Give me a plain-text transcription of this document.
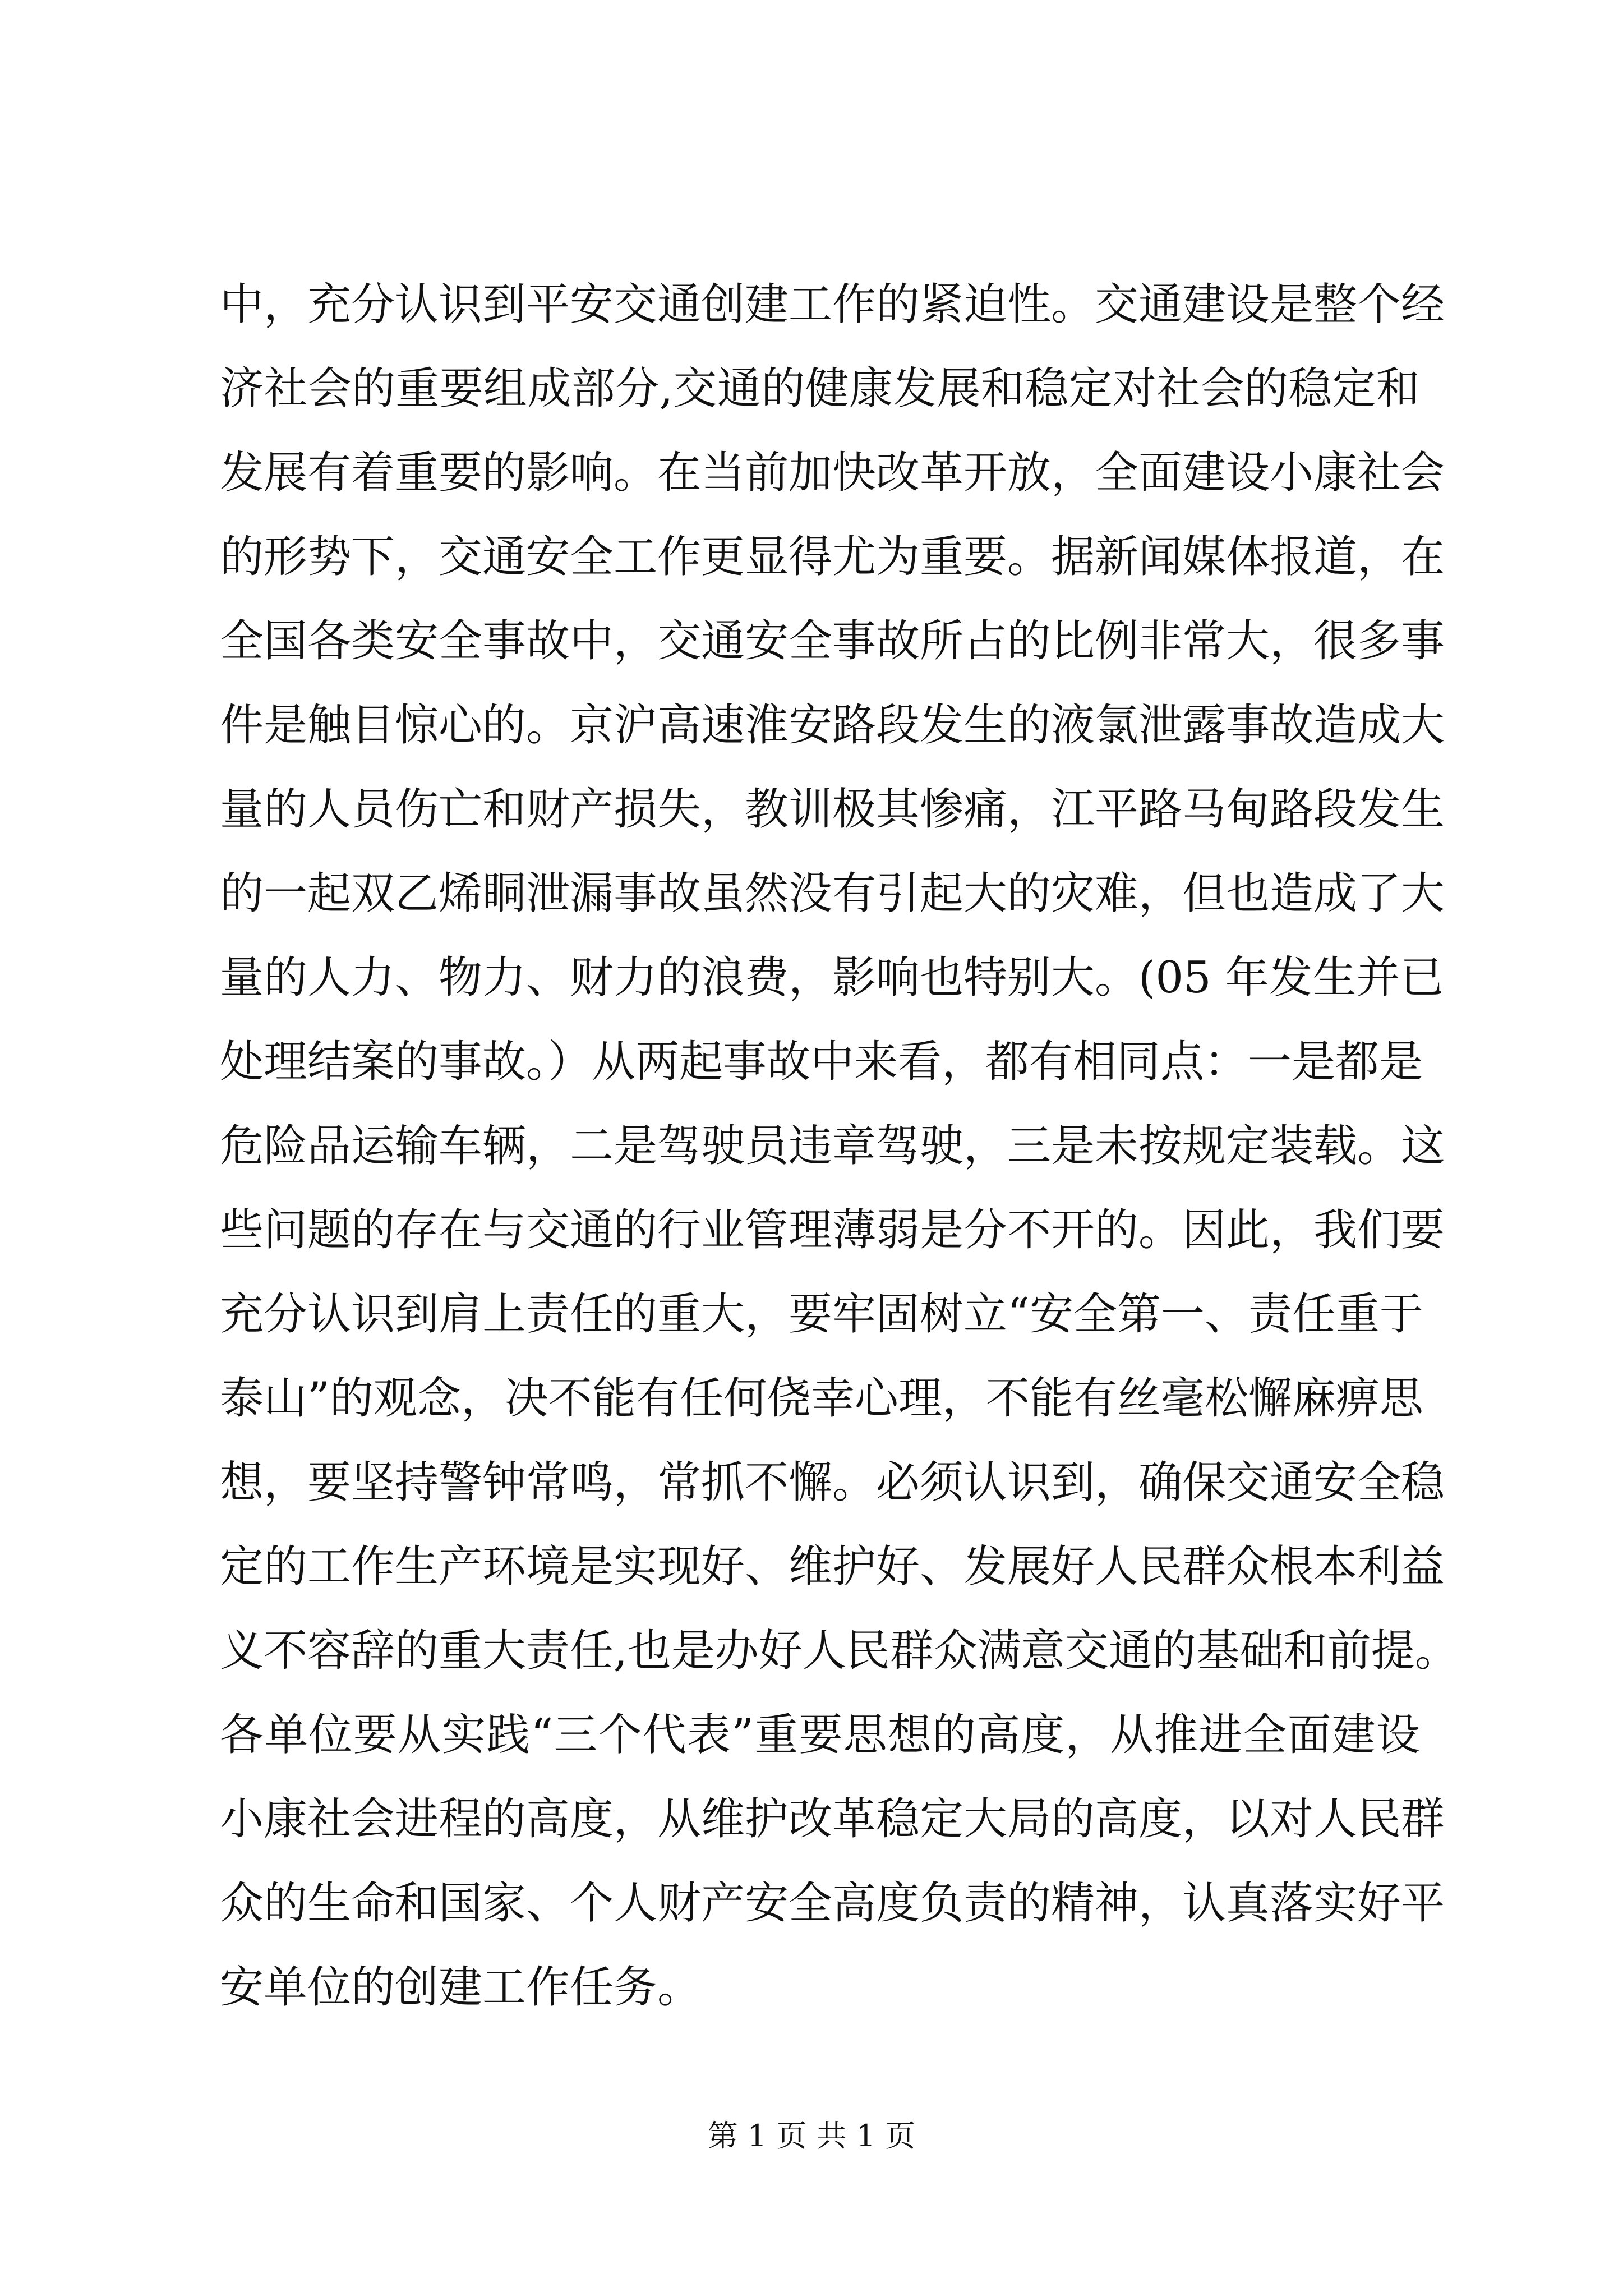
中，充分认识到平安交通创建工作的紧迫性。交通建设是整个经
济社会的重要组成部分,交通的健康发展和稳定对社会的稳定和
发展有着重要的影响。在当前加快改革开放，全面建设小康社会
的形势下，交通安全工作更显得尤为重要。据新闻媒体报道，在
全国各类安全事故中，交通安全事故所占的比例非常大，很多事
件是触目惊心的。京沪高速淮安路段发生的液氯泄露事故造成大
量的人员伤亡和财产损失，教训极其惨痛，江平路马甸路段发生
的一起双乙烯眮泄漏事故虽然没有引起大的灾难，但也造成了大
量的人力、物力、财力的浪费，影响也特别大。(05 年发生并已
处理结案的事故。）从两起事故中来看，都有相同点：一是都是
危险品运输车辆，二是驾驶员违章驾驶，三是未按规定装载。这
些问题的存在与交通的行业管理薄弱是分不开的。因此，我们要
充分认识到肩上责任的重大，要牢固树立“安全第一、责任重于
泰山”的观念，决不能有任何侥幸心理，不能有丝毫松懈麻痹思
想，要坚持警钟常鸣，常抓不懈。必须认识到，确保交通安全稳
定的工作生产环境是实现好、维护好、发展好人民群众根本利益
义不容辞的重大责任,也是办好人民群众满意交通的基础和前提。
各单位要从实践“三个代表”重要思想的高度，从推进全面建设
小康社会进程的高度，从维护改革稳定大局的高度，以对人民群
众的生命和国家、个人财产安全高度负责的精神，认真落实好平
安单位的创建工作任务。
第 1 页 共 1 页
